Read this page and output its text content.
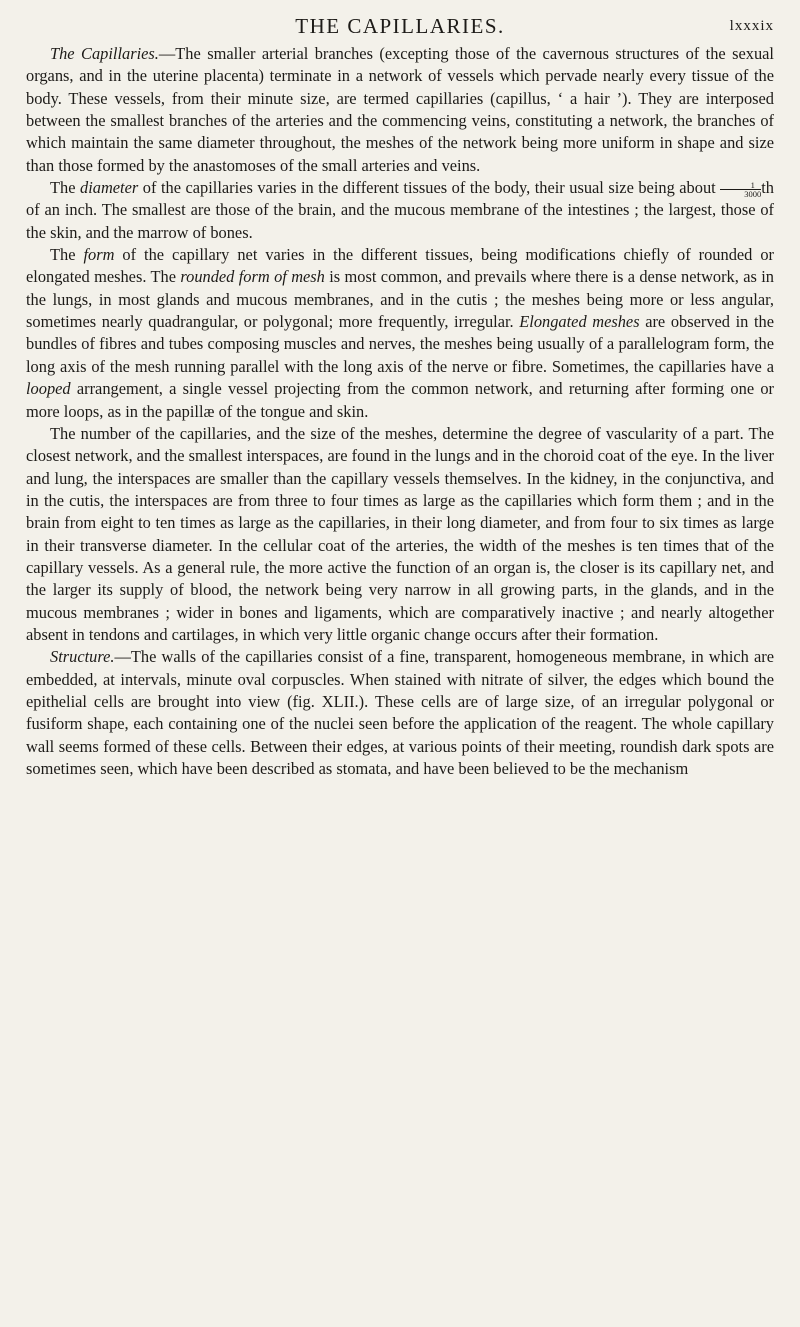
THE CAPILLARIES.	lxxxix

The Capillaries.—The smaller arterial branches (excepting those of the cavernous structures of the sexual organs, and in the uterine placenta) terminate in a network of vessels which pervade nearly every tissue of the body. These vessels, from their minute size, are termed capillaries (capillus, ‘ a hair ’). They are interposed between the smallest branches of the arteries and the commencing veins, constituting a network, the branches of which maintain the same diameter throughout, the meshes of the network being more uniform in shape and size than those formed by the anastomoses of the small arteries and veins.

The diameter of the capillaries varies in the different tissues of the body, their usual size being about $\frac{1}{3000}$ th of an inch. The smallest are those of the brain, and the mucous membrane of the intestines ; the largest, those of the skin, and the marrow of bones.

The form of the capillary net varies in the different tissues, being modifications chiefly of rounded or elongated meshes. The rounded form of mesh is most common, and prevails where there is a dense network, as in the lungs, in most glands and mucous membranes, and in the cutis ; the meshes being more or less angular, sometimes nearly quadrangular, or polygonal; more frequently, irregular. Elongated meshes are observed in the bundles of fibres and tubes composing muscles and nerves, the meshes being usually of a parallelogram form, the long axis of the mesh running parallel with the long axis of the nerve or fibre. Sometimes, the capillaries have a looped arrangement, a single vessel projecting from the common network, and returning after forming one or more loops, as in the papillæ of the tongue and skin.

The number of the capillaries, and the size of the meshes, determine the degree of vascularity of a part. The closest network, and the smallest interspaces, are found in the lungs and in the choroid coat of the eye. In the liver and lung, the interspaces are smaller than the capillary vessels themselves. In the kidney, in the conjunctiva, and in the cutis, the interspaces are from three to four times as large as the capillaries which form them ; and in the brain from eight to ten times as large as the capillaries, in their long diameter, and from four to six times as large in their transverse diameter. In the cellular coat of the arteries, the width of the meshes is ten times that of the capillary vessels. As a general rule, the more active the function of an organ is, the closer is its capillary net, and the larger its supply of blood, the network being very narrow in all growing parts, in the glands, and in the mucous membranes ; wider in bones and ligaments, which are comparatively inactive ; and nearly altogether absent in tendons and cartilages, in which very little organic change occurs after their formation.

Structure.—The walls of the capillaries consist of a fine, transparent, homogeneous membrane, in which are embedded, at intervals, minute oval corpuscles. When stained with nitrate of silver, the edges which bound the epithelial cells are brought into view (fig. XLII.). These cells are of large size, of an irregular polygonal or fusiform shape, each containing one of the nuclei seen before the application of the reagent. The whole capillary wall seems formed of these cells. Between their edges, at various points of their meeting, roundish dark spots are sometimes seen, which have been described as stomata, and have been believed to be the mechanism
